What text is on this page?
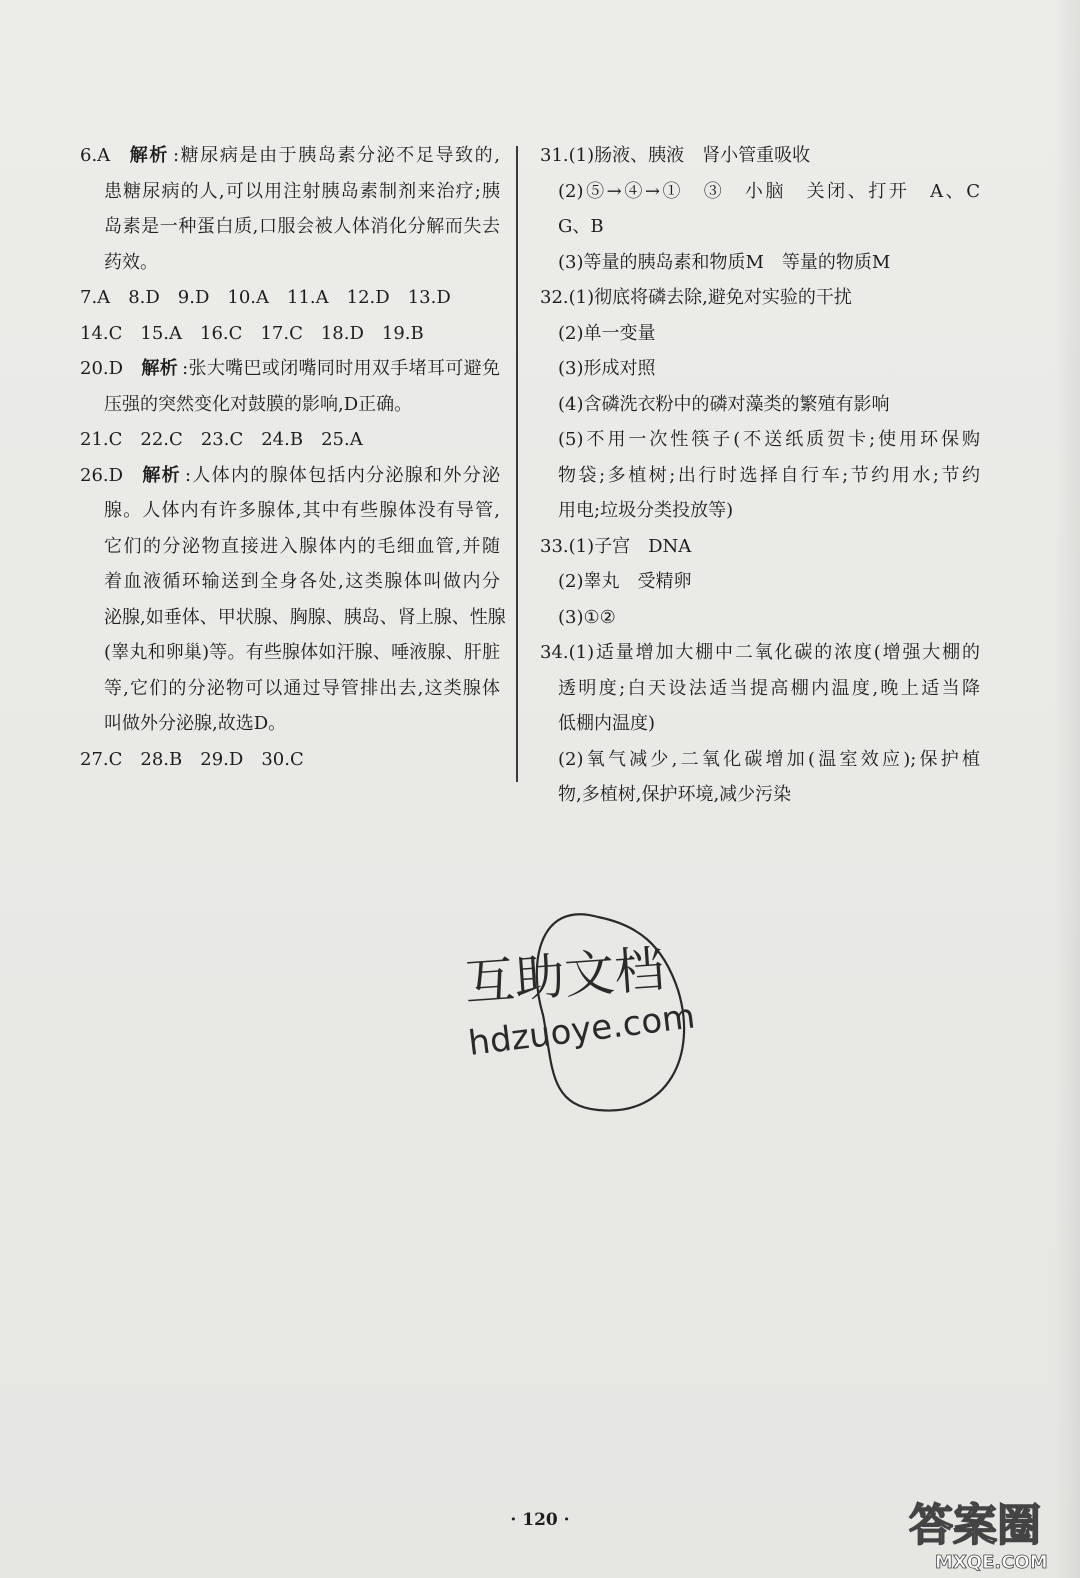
6.A 解析 :糖尿病是由于胰岛素分泌不足导致的,
患糖尿病的人,可以用注射胰岛素制剂来治疗;胰
岛素是一种蛋白质,口服会被人体消化分解而失去
药效。
7.A 8.D 9.D 10.A 11.A 12.D 13.D
14.C 15.A 16.C 17.C 18.D 19.B
20.D 解析 :张大嘴巴或闭嘴同时用双手堵耳可避免
压强的突然变化对鼓膜的影响,D正确。
21.C 22.C 23.C 24.B 25.A
26.D 解析 :人体内的腺体包括内分泌腺和外分泌
腺。人体内有许多腺体,其中有些腺体没有导管,
它们的分泌物直接进入腺体内的毛细血管,并随
着血液循环输送到全身各处,这类腺体叫做内分
泌腺,如垂体、甲状腺、胸腺、胰岛、肾上腺、性腺
(睾丸和卵巢)等。有些腺体如汗腺、唾液腺、肝脏
等,它们的分泌物可以通过导管排出去,这类腺体
叫做外分泌腺,故选D。
27.C 28.B 29.D 30.C
31.(1)肠液、胰液　肾小管重吸收
(2)⑤→④→①　③　小脑　关闭、打开　A、C
G、B
(3)等量的胰岛素和物质M　等量的物质M
32.(1)彻底将磷去除,避免对实验的干扰
(2)单一变量
(3)形成对照
(4)含磷洗衣粉中的磷对藻类的繁殖有影响
(5)不用一次性筷子(不送纸质贺卡;使用环保购
物袋;多植树;出行时选择自行车;节约用水;节约
用电;垃圾分类投放等)
33.(1)子宫　DNA
(2)睾丸　受精卵
(3)①②
34.(1)适量增加大棚中二氧化碳的浓度(增强大棚的
透明度;白天设法适当提高棚内温度,晚上适当降
低棚内温度)
(2)氧气减少,二氧化碳增加(温室效应);保护植
物,多植树,保护环境,减少污染
互助文档
hdzuoye.com
· 120 ·	答案圈
MXQE.COM
